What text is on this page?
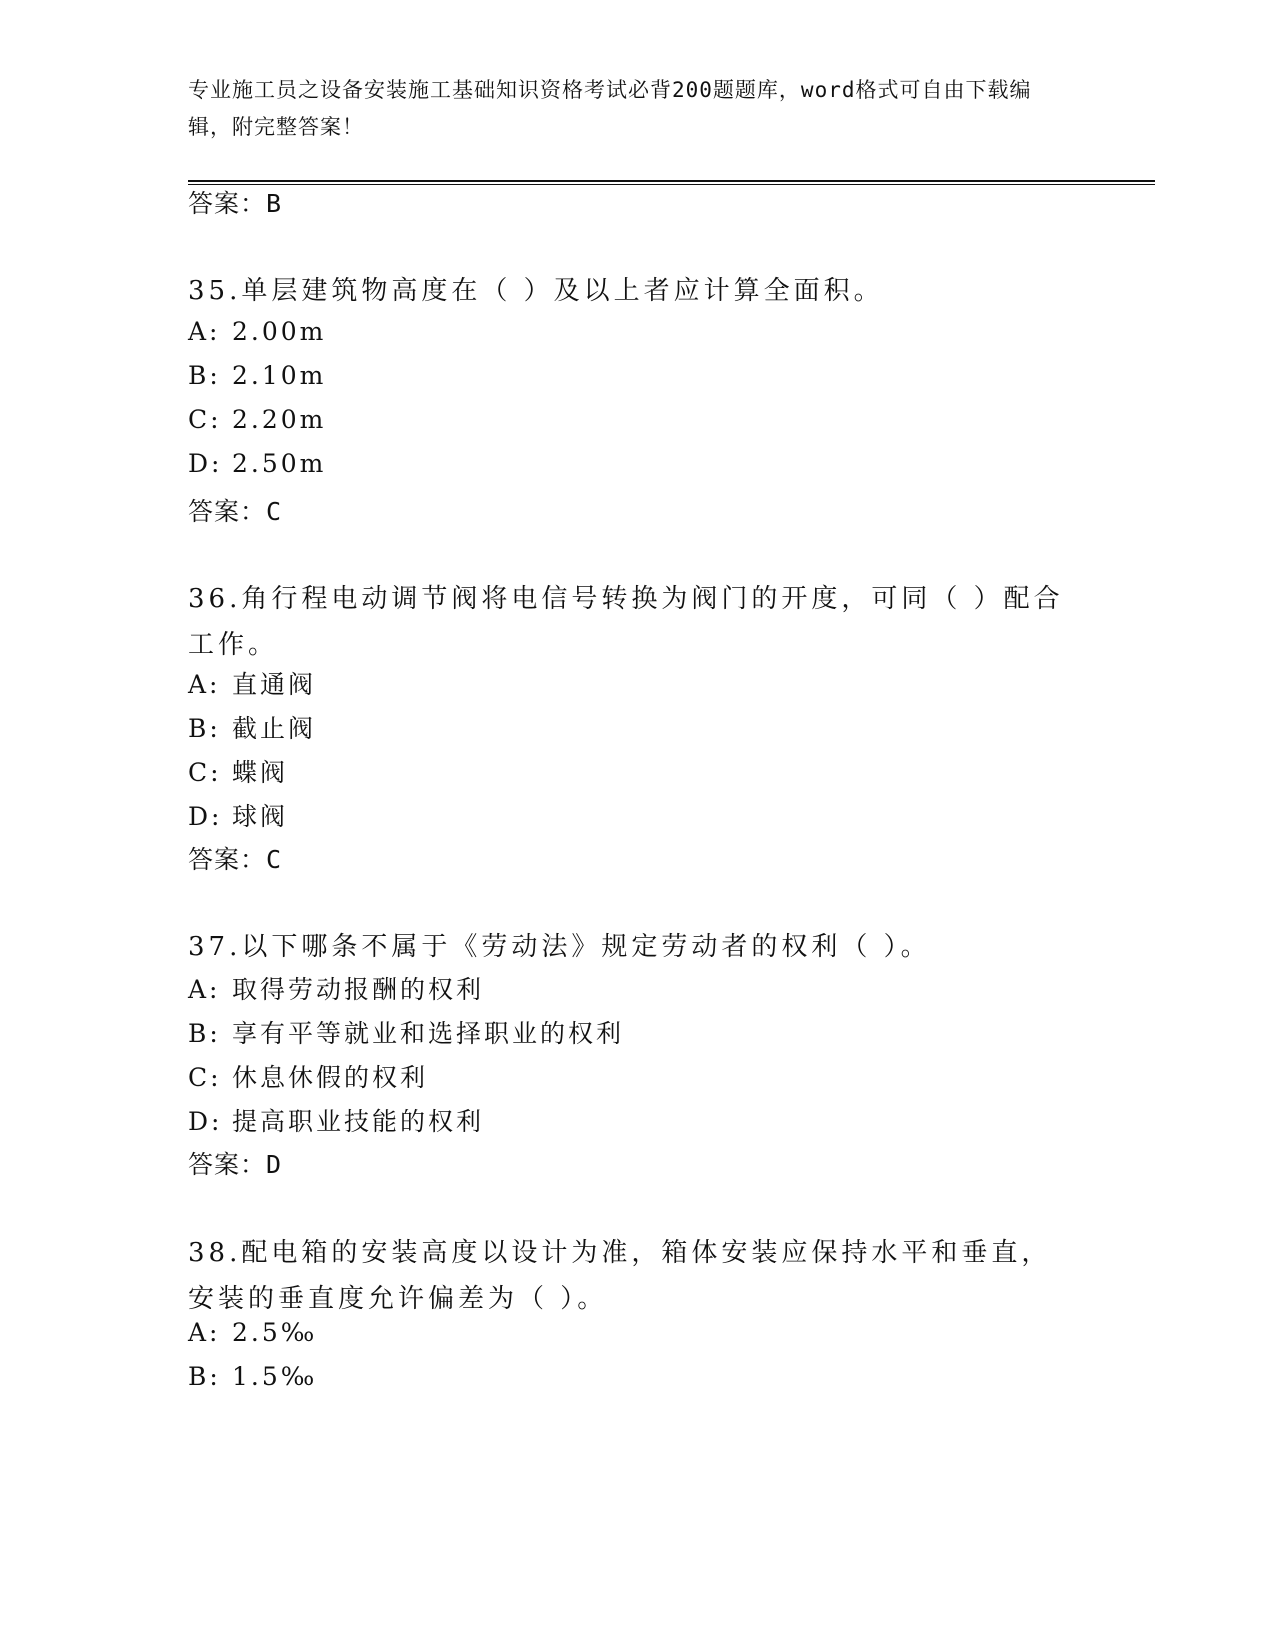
专业施工员之设备安装施工基础知识资格考试必背200题题库，word格式可自由下载编辑，附完整答案！
答案：B
35.单层建筑物高度在（ ）及以上者应计算全面积。
A: 2.00m
B: 2.10m
C: 2.20m
D: 2.50m
答案：C
36.角行程电动调节阀将电信号转换为阀门的开度，可同（ ）配合工作。
A: 直通阀
B: 截止阀
C: 蝶阀
D: 球阀
答案：C
37.以下哪条不属于《劳动法》规定劳动者的权利（ ）。
A: 取得劳动报酬的权利
B: 享有平等就业和选择职业的权利
C: 休息休假的权利
D: 提高职业技能的权利
答案：D
38.配电箱的安装高度以设计为准，箱体安装应保持水平和垂直，安装的垂直度允许偏差为（ ）。
A: 2.5‰
B: 1.5‰
